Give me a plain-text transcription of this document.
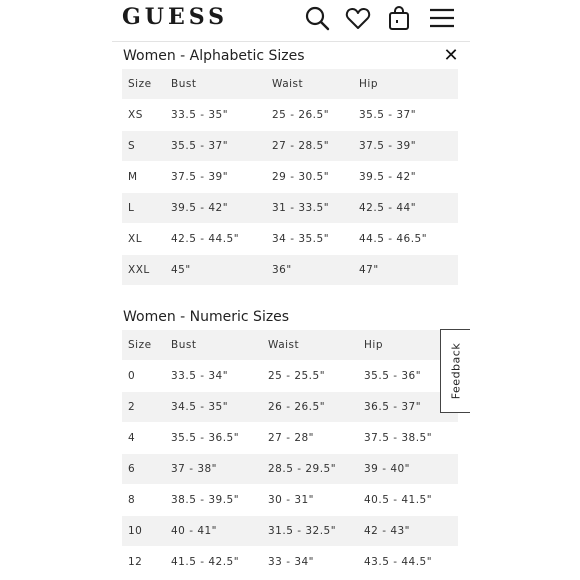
GUESS
Women - Alphabetic Sizes	✕
Size	Bust	Waist	Hip
XS	33.5 - 35"	25 - 26.5"	35.5 - 37"
S	35.5 - 37"	27 - 28.5"	37.5 - 39"
M	37.5 - 39"	29 - 30.5"	39.5 - 42"
L	39.5 - 42"	31 - 33.5"	42.5 - 44"
XL	42.5 - 44.5"	34 - 35.5"	44.5 - 46.5"
XXL	45"	36"	47"
Women - Numeric Sizes
Size	Bust	Waist	Hip
0	33.5 - 34"	25 - 25.5"	35.5 - 36"
2	34.5 - 35"	26 - 26.5"	36.5 - 37"
4	35.5 - 36.5"	27 - 28"	37.5 - 38.5"
6	37 - 38"	28.5 - 29.5"	39 - 40"
8	38.5 - 39.5"	30 - 31"	40.5 - 41.5"
10	40 - 41"	31.5 - 32.5"	42 - 43"
12	41.5 - 42.5"	33 - 34"	43.5 - 44.5"
Feedback
